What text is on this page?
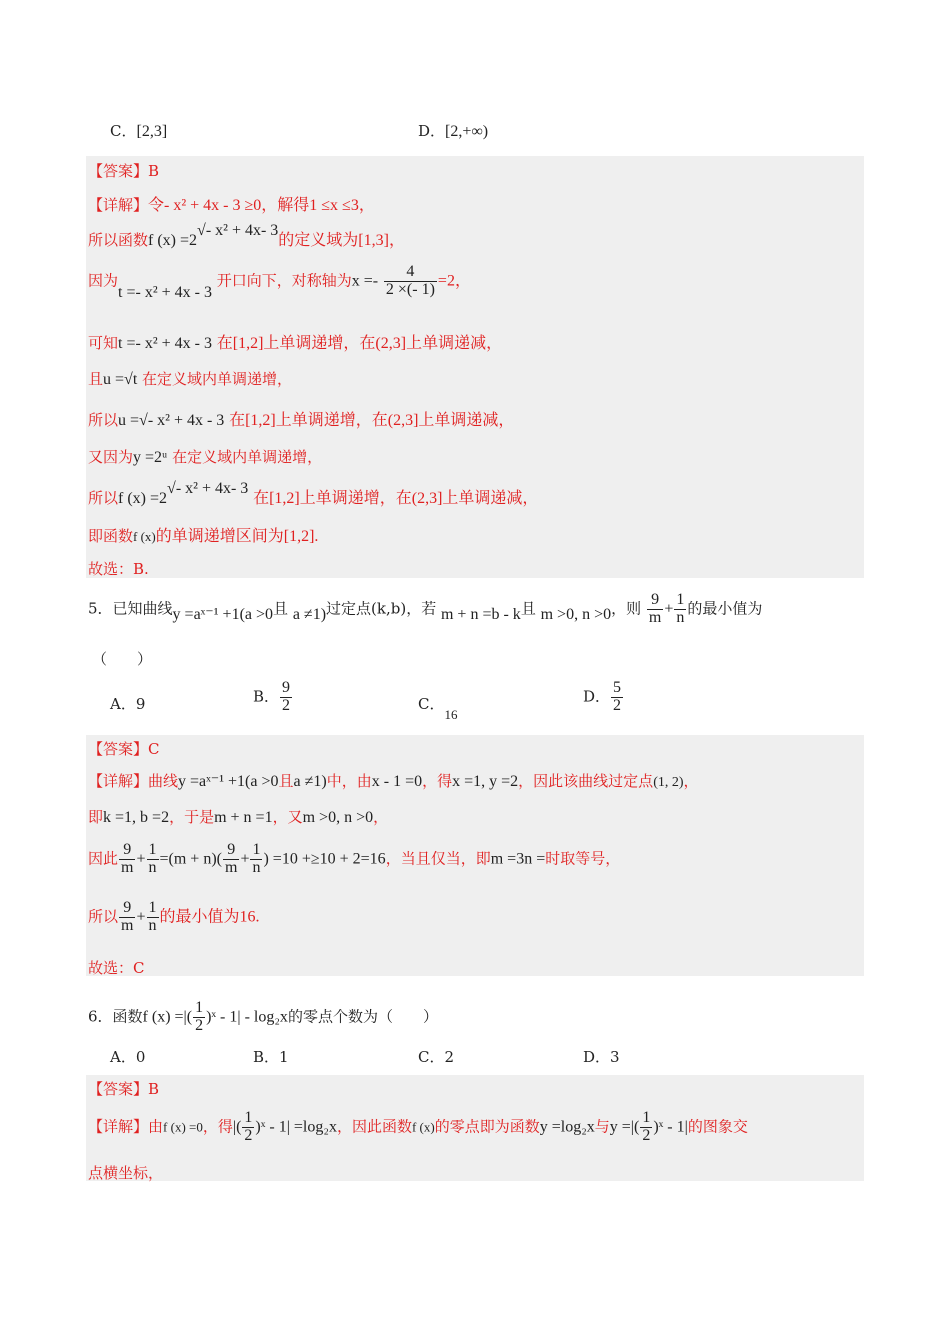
C．[2,3]	D．[2,+∞)
【答案】B
【详解】令- x² + 4x - 3 ≥0，解得1 ≤x ≤3，
所以函数f $(x) =2^{√- x^2 + 4x- 3}$的定义域为[1,3]，
因为t =- x² + 4x - 3 开口向下，对称轴为$x =- \frac{4}{2 \times(- 1)} =2$，
可知t =- x² + 4x - 3 在[1,2]上单调递增，在(2,3]上单调递减，
且u =√t 在定义域内单调递增，
所以u =√- x² + 4x - 3 在[1,2]上单调递增，在(2,3]上单调递减，
又因为y =2ᵘ 在定义域内单调递增，
所以f $(x) =2^{√- x^2 + 4x- 3}$ 在[1,2]上单调递增，在(2,3]上单调递减，
即函数f (x)的单调递增区间为[1,2].
故选：B.
5．已知曲线y =aˣ⁻¹ +1(a >0且 a ≠1)过定点(k,b)，若 m + n =b - k且 m >0, n >0，则 $\frac{9}{m} + \frac{1}{n}$ 的最小值为
（　　）
A．9	B． $\frac{9}{2}$	C．16
D． $\frac{5}{2}$
【答案】C
【详解】曲线y =aˣ⁻¹ +1(a >0且a ≠1)中，由x - 1 =0，得x =1, y =2，因此该曲线过定点(1, 2)，
即k =1, b =2，于是m + n =1，又m >0, n >0，
因此 $\frac{9}{m} + \frac{1}{n} =(m + n)( \frac{9}{m} + \frac{1}{n}$ ) =10 +≥10 + 2=16，当且仅当，即m =3n =时取等号，
所以 $\frac{9}{m} + \frac{1}{n}$ 的最小值为16.
故选：C
6．函数f (x) =|( $\frac{1}{2}$ )ˣ - 1| - log₂x的零点个数为（　　）
A．0	B．1	C．2	D．3
【答案】B
【详解】由f (x) =0，得|( $\frac{1}{2}$ )ˣ - 1| =log₂x，因此函数f (x)的零点即为函数y =log₂x与y =|( $\frac{1}{2}$ )ˣ - 1|的图象交
点横坐标，
